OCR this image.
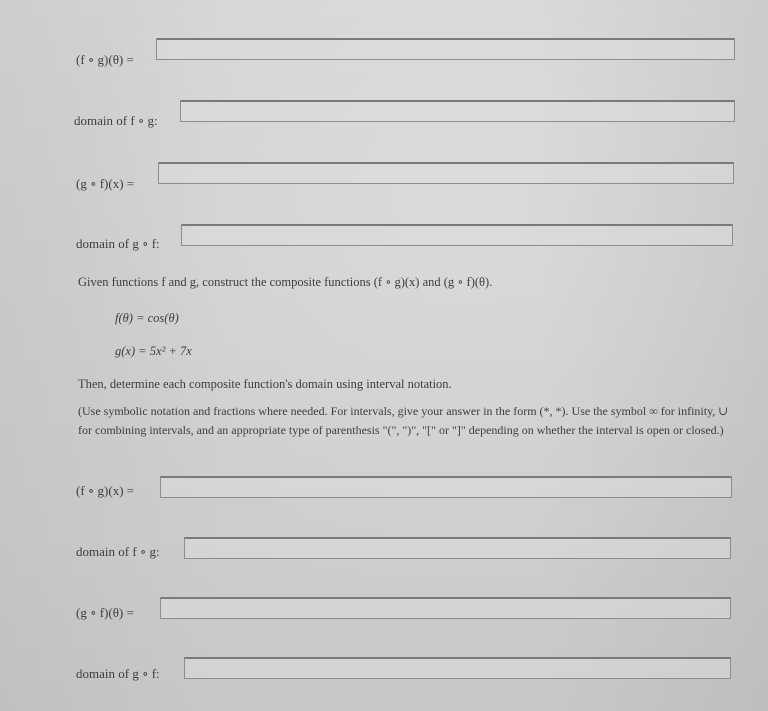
(f ∘ g)(θ) =
domain of f ∘ g:
(g ∘ f)(x) =
domain of g ∘ f:
Given functions f and g, construct the composite functions (f ∘ g)(x) and (g ∘ f)(θ).
f(θ) = cos(θ)
g(x) = 5x² + 7x
Then, determine each composite function's domain using interval notation.
(Use symbolic notation and fractions where needed. For intervals, give your answer in the form (*, *). Use the symbol ∞ for infinity, ∪ for combining intervals, and an appropriate type of parenthesis "(", ")", "[" or "]" depending on whether the interval is open or closed.)
(f ∘ g)(x) =
domain of f ∘ g:
(g ∘ f)(θ) =
domain of g ∘ f:
